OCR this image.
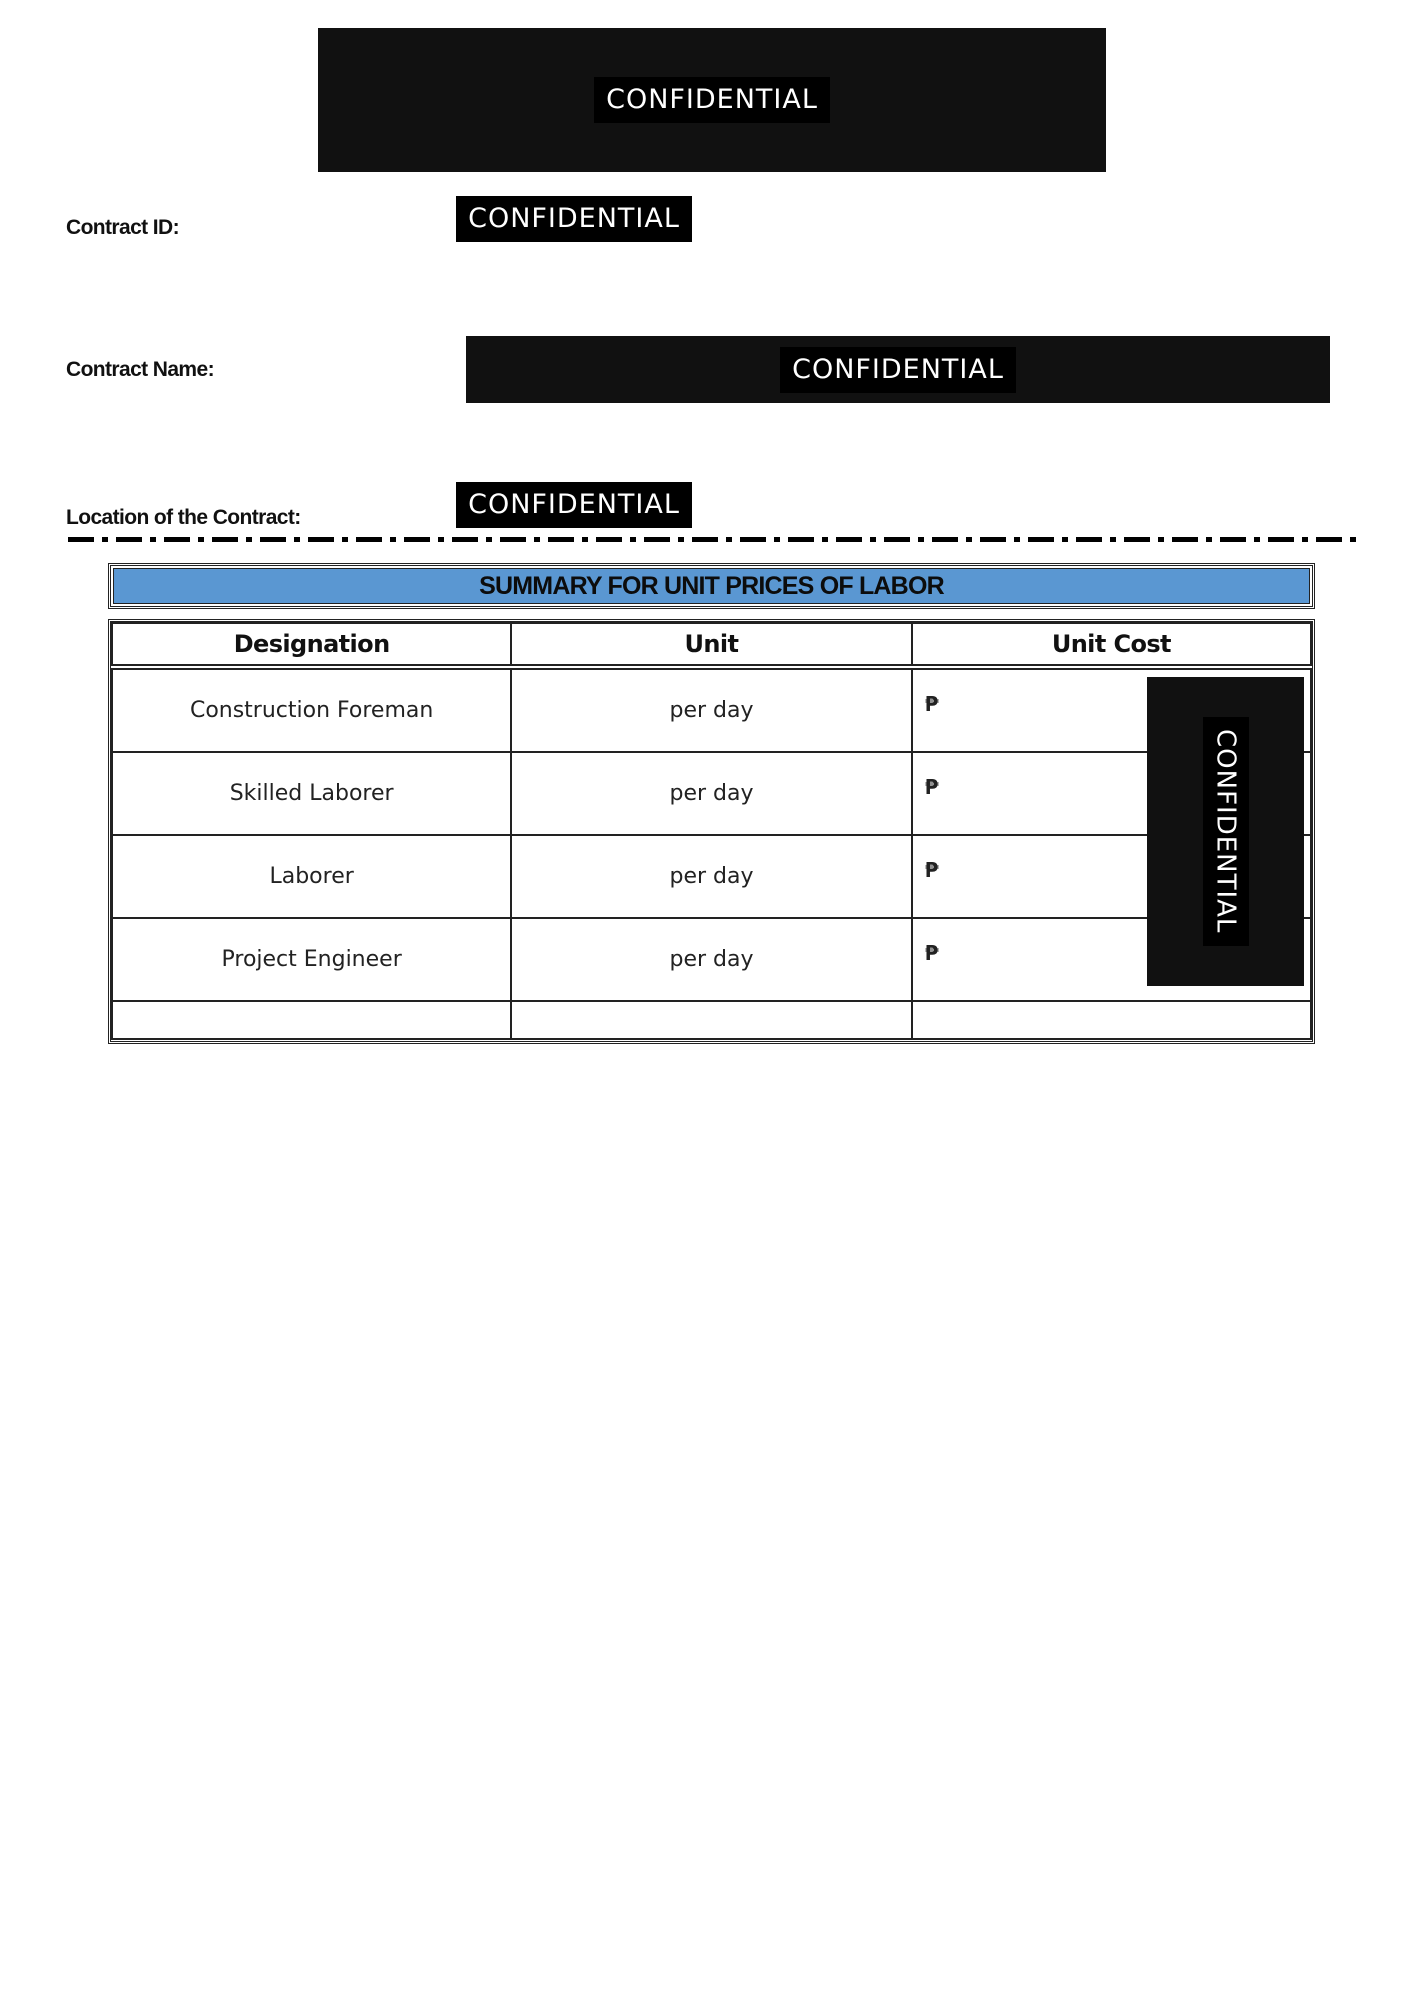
CONFIDENTIAL
Contract ID:	CONFIDENTIAL
Contract Name:	CONFIDENTIAL
Location of the Contract:	CONFIDENTIAL
SUMMARY FOR UNIT PRICES OF LABOR
Designation	Unit	Unit Cost
Construction Foreman	per day	₱
Skilled Laborer	per day	₱
Laborer	per day	₱
Project Engineer	per day	₱

CONFIDENTIAL
